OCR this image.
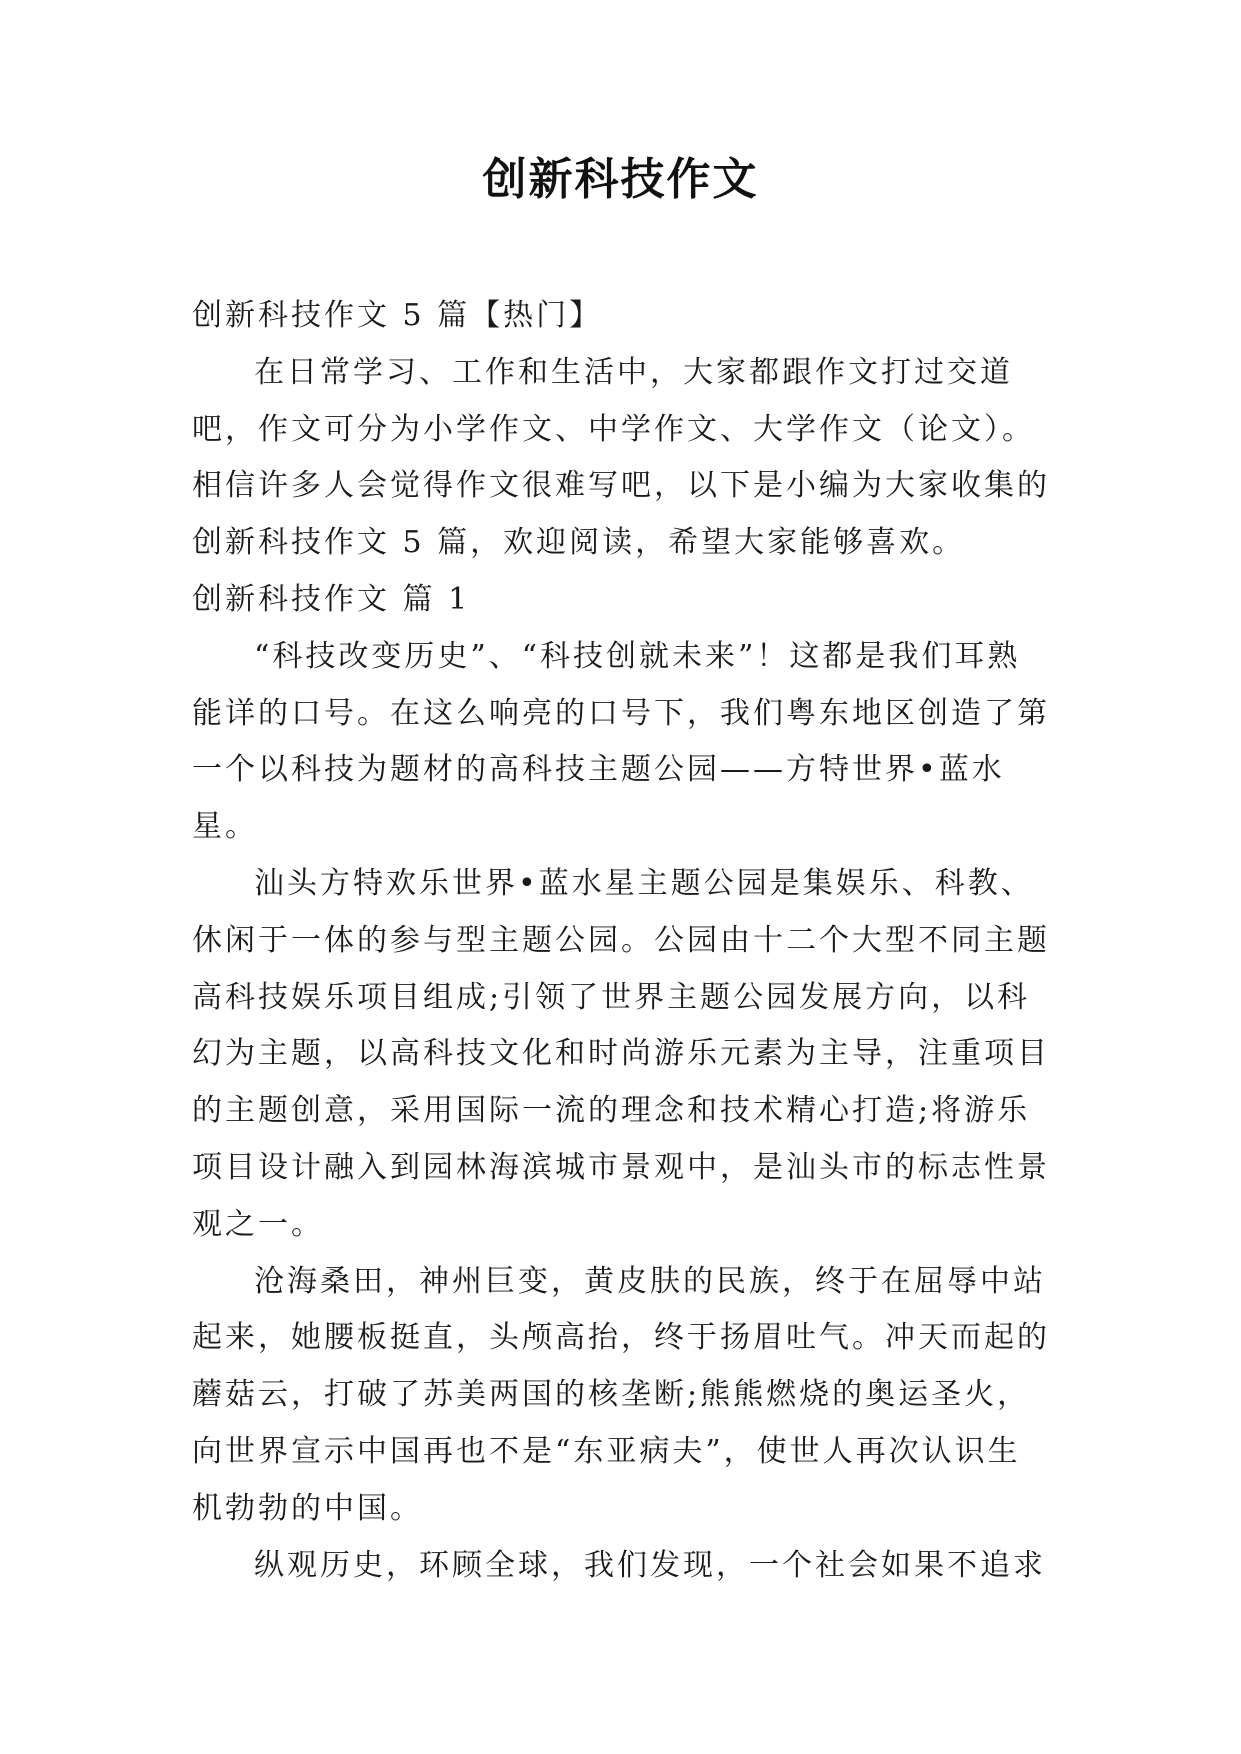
创新科技作文

创新科技作文 5 篇【热门】

在日常学习、工作和生活中，大家都跟作文打过交道吧，作文可分为小学作文、中学作文、大学作文（论文）。相信许多人会觉得作文很难写吧，以下是小编为大家收集的创新科技作文 5 篇，欢迎阅读，希望大家能够喜欢。

创新科技作文 篇 1

“科技改变历史”、“科技创就未来”！这都是我们耳熟能详的口号。在这么响亮的口号下，我们粤东地区创造了第一个以科技为题材的高科技主题公园——方特世界•蓝水星。

汕头方特欢乐世界•蓝水星主题公园是集娱乐、科教、休闲于一体的参与型主题公园。公园由十二个大型不同主题高科技娱乐项目组成;引领了世界主题公园发展方向，以科幻为主题，以高科技文化和时尚游乐元素为主导，注重项目的主题创意，采用国际一流的理念和技术精心打造;将游乐项目设计融入到园林海滨城市景观中，是汕头市的标志性景观之一。

沧海桑田，神州巨变，黄皮肤的民族，终于在屈辱中站起来，她腰板挺直，头颅高抬，终于扬眉吐气。冲天而起的蘑菇云，打破了苏美两国的核垄断;熊熊燃烧的奥运圣火，向世界宣示中国再也不是“东亚病夫”，使世人再次认识生机勃勃的中国。

纵观历史，环顾全球，我们发现，一个社会如果不追求
